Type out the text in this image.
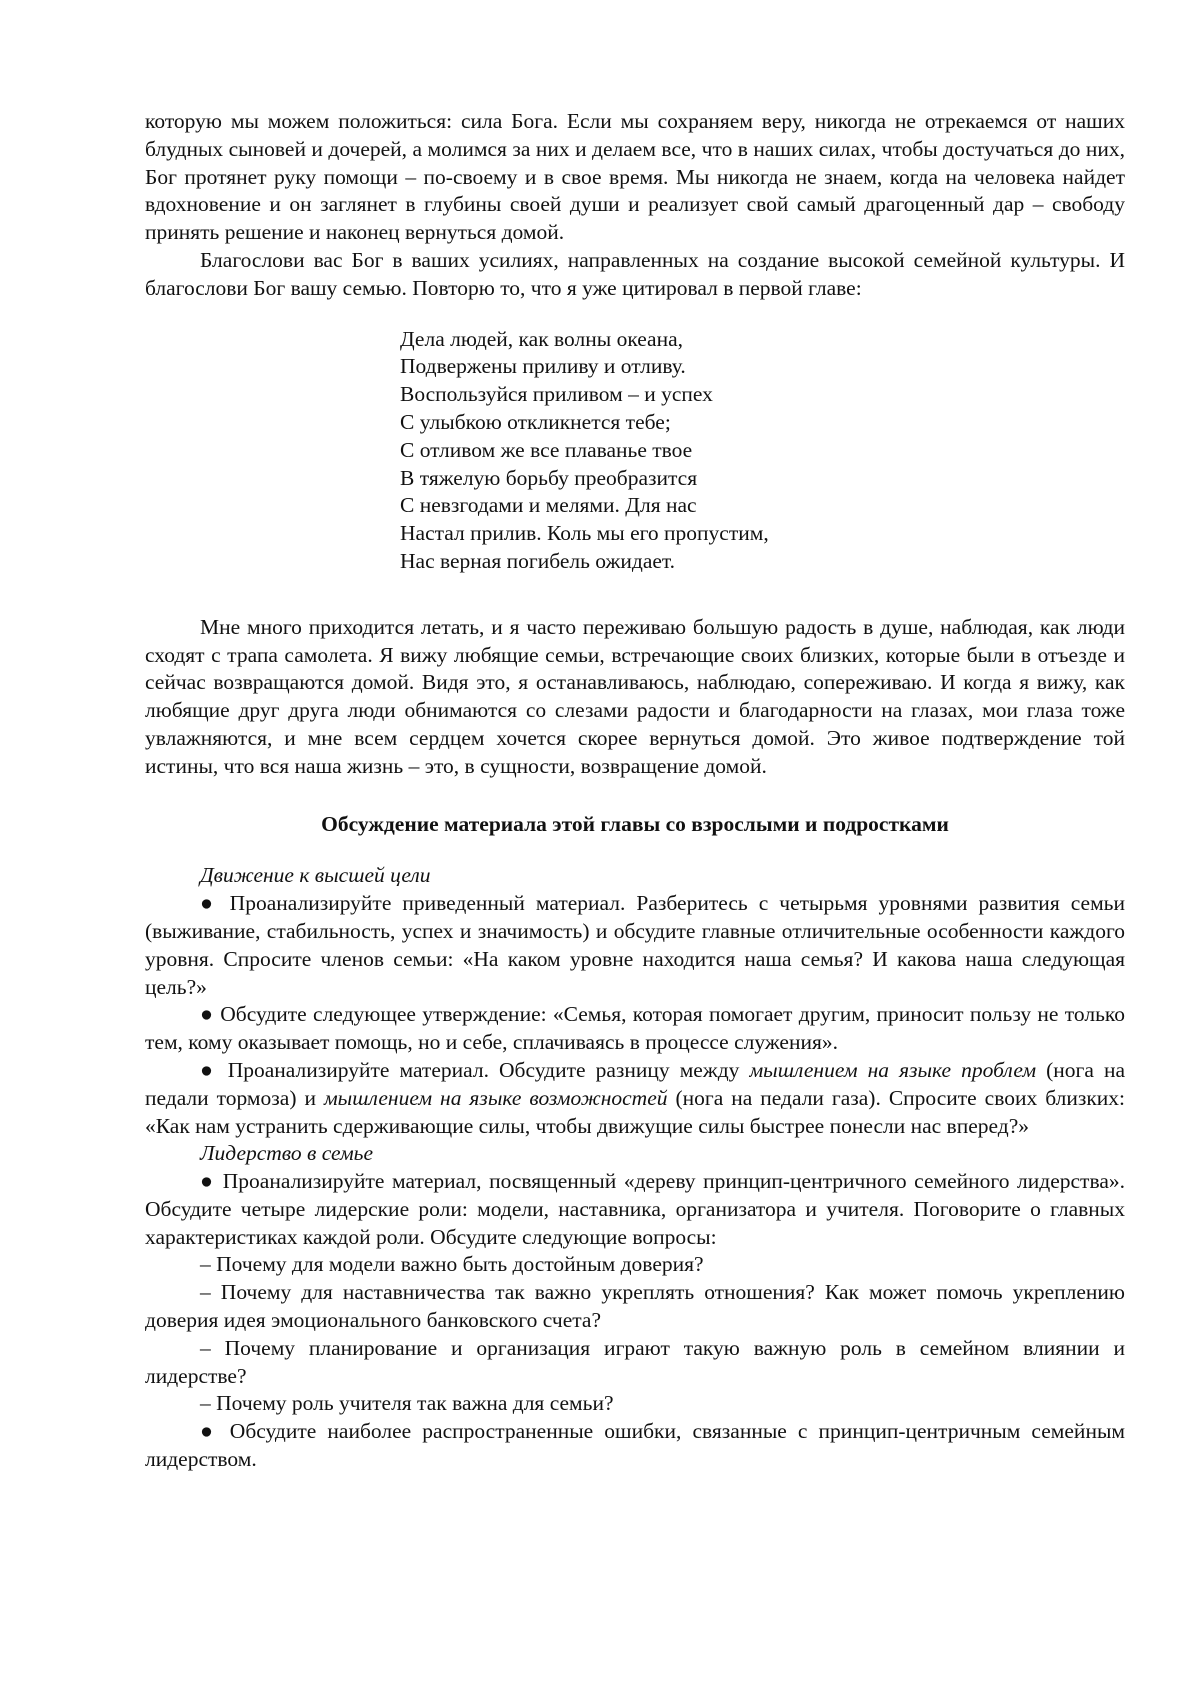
которую мы можем положиться: сила Бога. Если мы сохраняем веру, никогда не отрекаемся от наших блудных сыновей и дочерей, а молимся за них и делаем все, что в наших силах, чтобы достучаться до них, Бог протянет руку помощи – по-своему и в свое время. Мы никогда не знаем, когда на человека найдет вдохновение и он заглянет в глубины своей души и реализует свой самый драгоценный дар – свободу принять решение и наконец вернуться домой.

Благослови вас Бог в ваших усилиях, направленных на создание высокой семейной культуры. И благослови Бог вашу семью. Повторю то, что я уже цитировал в первой главе:

Дела людей, как волны океана,
Подвержены приливу и отливу.
Воспользуйся приливом – и успех
С улыбкою откликнется тебе;
С отливом же все плаванье твое
В тяжелую борьбу преобразится
С невзгодами и мелями. Для нас
Настал прилив. Коль мы его пропустим,
Нас верная погибель ожидает.

Мне много приходится летать, и я часто переживаю большую радость в душе, наблюдая, как люди сходят с трапа самолета. Я вижу любящие семьи, встречающие своих близких, которые были в отъезде и сейчас возвращаются домой. Видя это, я останавливаюсь, наблюдаю, сопереживаю. И когда я вижу, как любящие друг друга люди обнимаются со слезами радости и благодарности на глазах, мои глаза тоже увлажняются, и мне всем сердцем хочется скорее вернуться домой. Это живое подтверждение той истины, что вся наша жизнь – это, в сущности, возвращение домой.

Обсуждение материала этой главы со взрослыми и подростками

Движение к высшей цели

● Проанализируйте приведенный материал. Разберитесь с четырьмя уровнями развития семьи (выживание, стабильность, успех и значимость) и обсудите главные отличительные особенности каждого уровня. Спросите членов семьи: «На каком уровне находится наша семья? И какова наша следующая цель?»

● Обсудите следующее утверждение: «Семья, которая помогает другим, приносит пользу не только тем, кому оказывает помощь, но и себе, сплачиваясь в процессе служения».

● Проанализируйте материал. Обсудите разницу между мышлением на языке проблем (нога на педали тормоза) и мышлением на языке возможностей (нога на педали газа). Спросите своих близких: «Как нам устранить сдерживающие силы, чтобы движущие силы быстрее понесли нас вперед?»

Лидерство в семье

● Проанализируйте материал, посвященный «дереву принцип-центричного семейного лидерства». Обсудите четыре лидерские роли: модели, наставника, организатора и учителя. Поговорите о главных характеристиках каждой роли. Обсудите следующие вопросы:

– Почему для модели важно быть достойным доверия?

– Почему для наставничества так важно укреплять отношения? Как может помочь укреплению доверия идея эмоционального банковского счета?

– Почему планирование и организация играют такую важную роль в семейном влиянии и лидерстве?

– Почему роль учителя так важна для семьи?

● Обсудите наиболее распространенные ошибки, связанные с принцип-центричным семейным лидерством.
